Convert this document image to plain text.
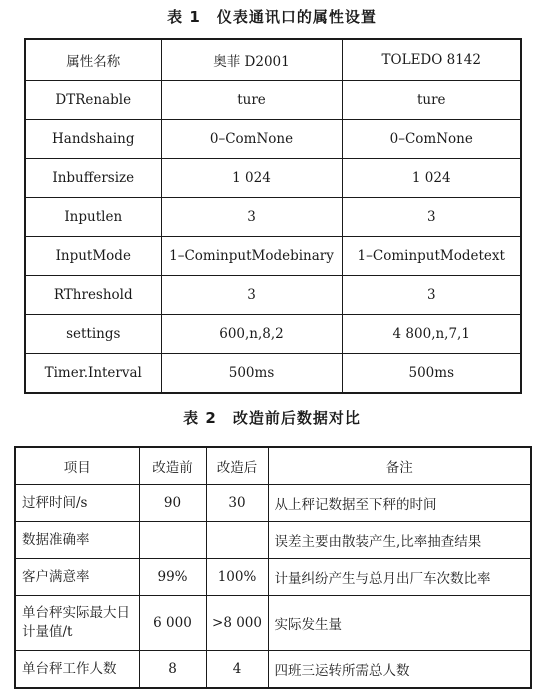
表 1　仪表通讯口的属性设置
属性名称	奥菲 D2001	TOLEDO 8142
DTRenable	ture	ture
Handshaing	0–ComNone	0–ComNone
Inbuffersize	1 024	1 024
Inputlen	3	3
InputMode	1–CominputModebinary	1–CominputModetext
RThreshold	3	3
settings	600,n,8,2	4 800,n,7,1
Timer.Interval	500ms	500ms
表 2　改造前后数据对比
项目	改造前	改造后	备注
过秤时间/s	90	30	从上秤记数据至下秤的时间
数据准确率			误差主要由散装产生,比率抽查结果
客户满意率	99%	100%	计量纠纷产生与总月出厂车次数比率
单台秤实际最大日计量值/t	6 000	>8 000	实际发生量
单台秤工作人数	8	4	四班三运转所需总人数
